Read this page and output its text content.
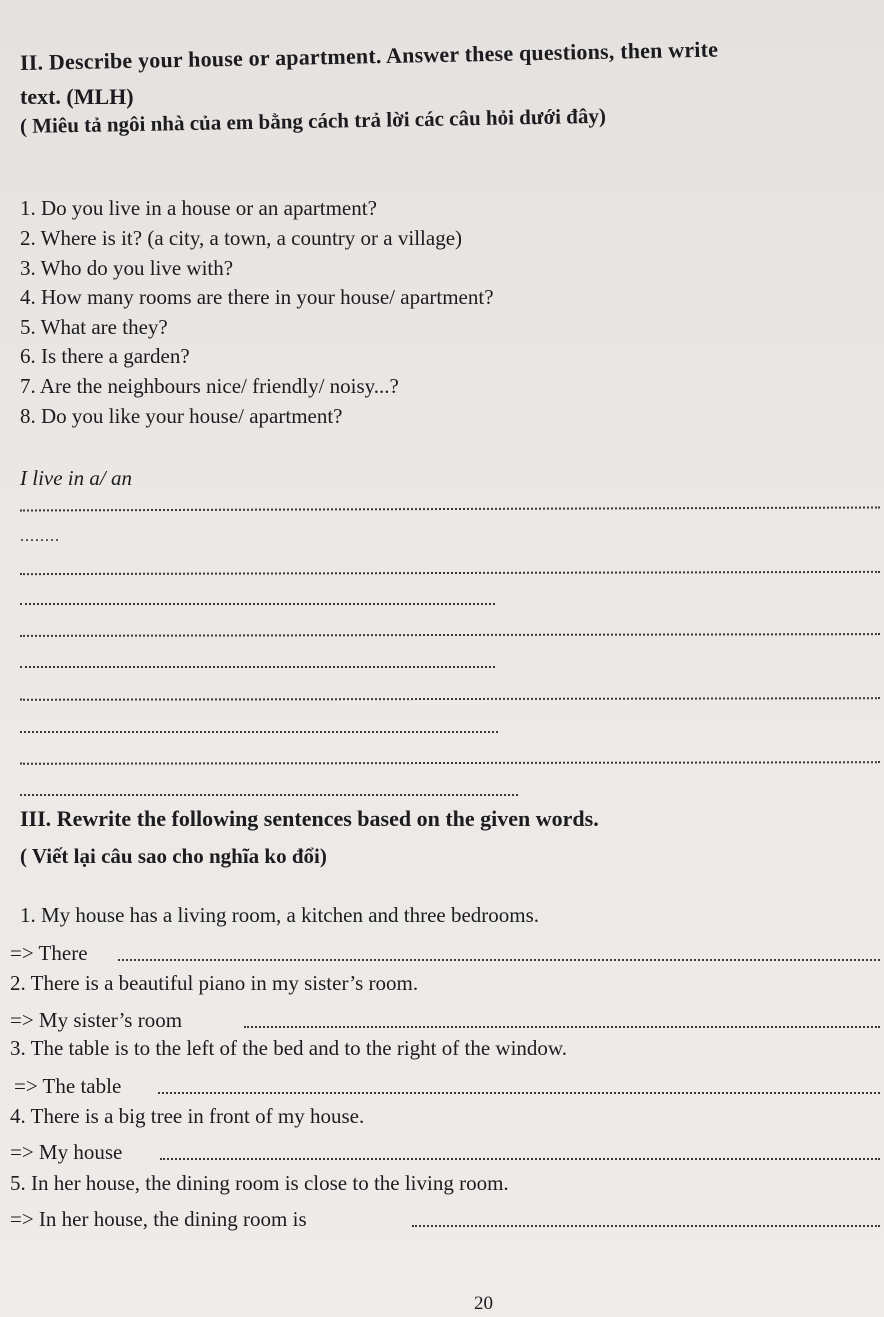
II. Describe your house or apartment. Answer these questions, then write
text. (MLH)
( Miêu tả ngôi nhà của em bằng cách trả lời các câu hỏi dưới đây)
1. Do you live in a house or an apartment?
2. Where is it? (a city, a town, a country or a village)
3. Who do you live with?
4. How many rooms are there in your house/ apartment?
5. What are they?
6. Is there a garden?
7. Are the neighbours nice/ friendly/ noisy...?
8. Do you like your house/ apartment?
I live in a/ an
........
III. Rewrite the following sentences based on the given words.
( Viết lại câu sao cho nghĩa ko đổi)
1. My house has a living room, a kitchen and three bedrooms.
=> There
2. There is a beautiful piano in my sister’s room.
=> My sister’s room
3. The table is to the left of the bed and to the right of the window.
=> The table
4. There is a big tree in front of my house.
=> My house
5. In her house, the dining room is close to the living room.
=> In her house, the dining room is
20
